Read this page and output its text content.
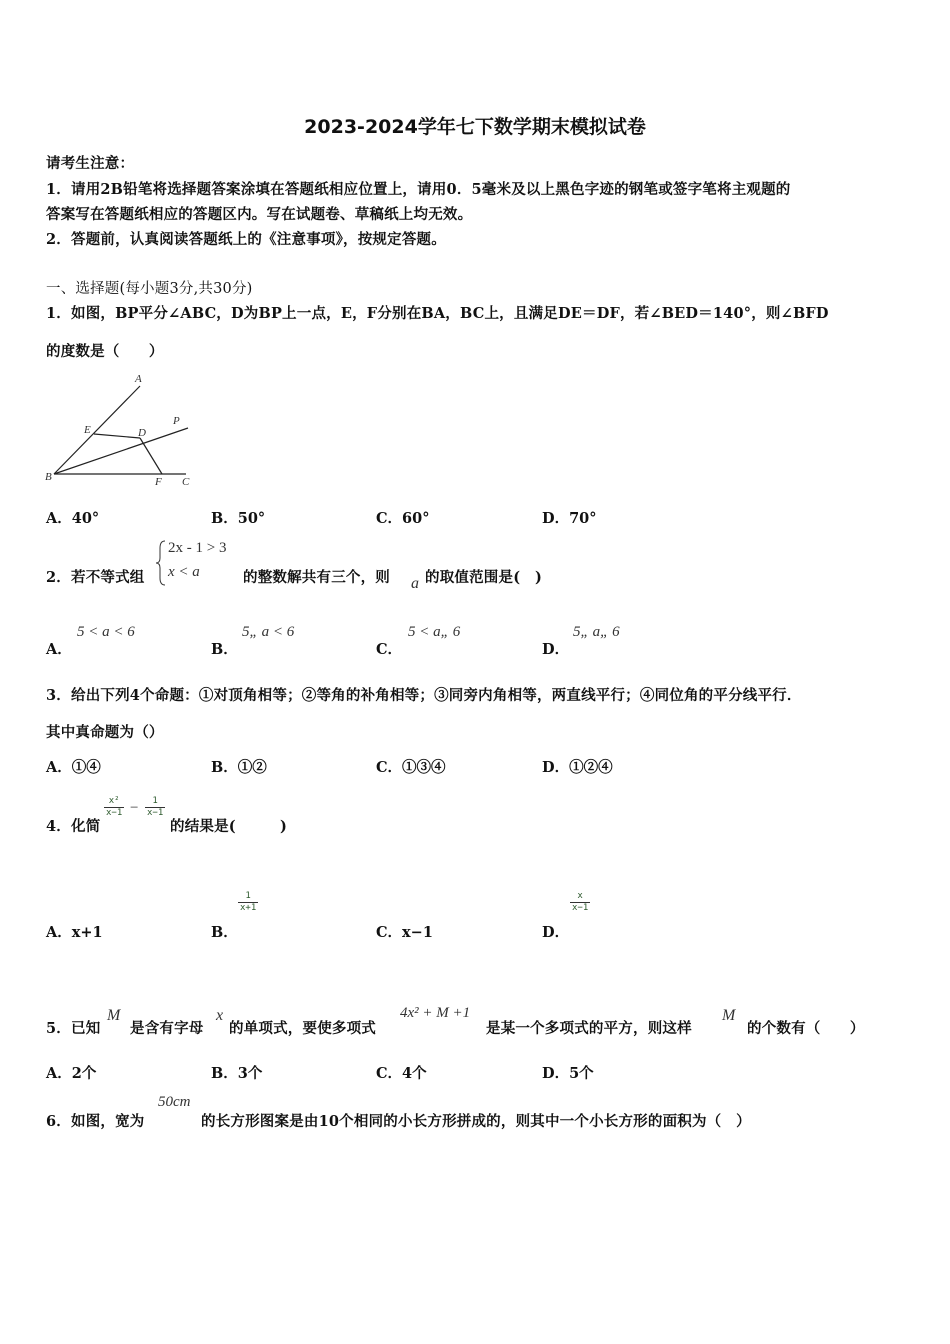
2023-2024学年七下数学期末模拟试卷
请考生注意：
1．请用2B铅笔将选择题答案涂填在答题纸相应位置上，请用0．5毫米及以上黑色字迹的钢笔或签字笔将主观题的
答案写在答题纸相应的答题区内。写在试题卷、草稿纸上均无效。
2．答题前，认真阅读答题纸上的《注意事项》，按规定答题。
一、选择题(每小题3分,共30分)
1．如图，BP平分∠ABC，D为BP上一点，E，F分别在BA，BC上，且满足DE＝DF，若∠BED＝140°，则∠BFD
的度数是（　　）
A
E	D
P
B	F C
A．40°	B．50°	C．60°	D．70°
2．若不等式组
2x - 1 > 3
x < a	的整数解共有三个，则 a 的取值范围是(　)
A．
5 < a < 6
B．
5„ a < 6
C．
5 < a„ 6
D．
5„ a„ 6
3．给出下列4个命题：①对顶角相等；②等角的补角相等；③同旁内角相等，两直线平行；④同位角的平分线平行．
其中真命题为（）
A．①④	B．①②	C．①③④	D．①②④
4．化简
$\frac{\text{x²}}{x-1} - \frac{1}{x-1}$
的结果是(　　　)
A．x+1	B．
$\frac{1}{x+1}$
C．x−1	D．
$\frac{x}{x-1}$
5．已知
M
是含有字母
x
的单项式，要使多项式
4x² + M +1
是某一个多项式的平方，则这样
M
的个数有（　　）
A．2个	B．3个	C．4个	D．5个
6．如图，宽为
50cm
的长方形图案是由10个相同的小长方形拼成的，则其中一个小长方形的面积为（　）
